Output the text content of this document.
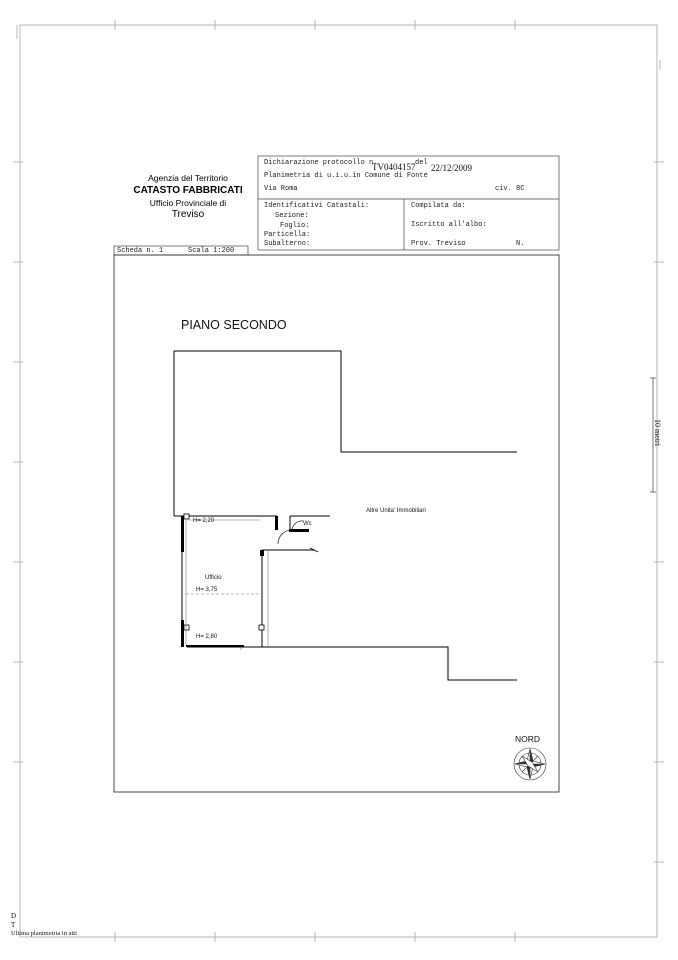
Agenzia del Territorio
CATASTO FABBRICATI
Ufficio Provinciale di
Treviso
Dichiarazione protocollo n.
TV0404157 del 22/12/2009
Planimetria di u.i.u.in Comune di Fonte
Via Roma	civ. 8C
Identificativi Catastali:
Sezione:
Foglio:
Particella:
Subalterno:
Compilata da:
Iscritto all'albo:
Prov. Treviso	N.
Scheda n. 1	Scala 1:200
PIANO SECONDO
Altre Unita' Immobiliari
H= 2,20	Wc
Ufficio
H= 3,75
H= 2,80
NORD
10 metri
D
T
Ultima planimetria in atti
